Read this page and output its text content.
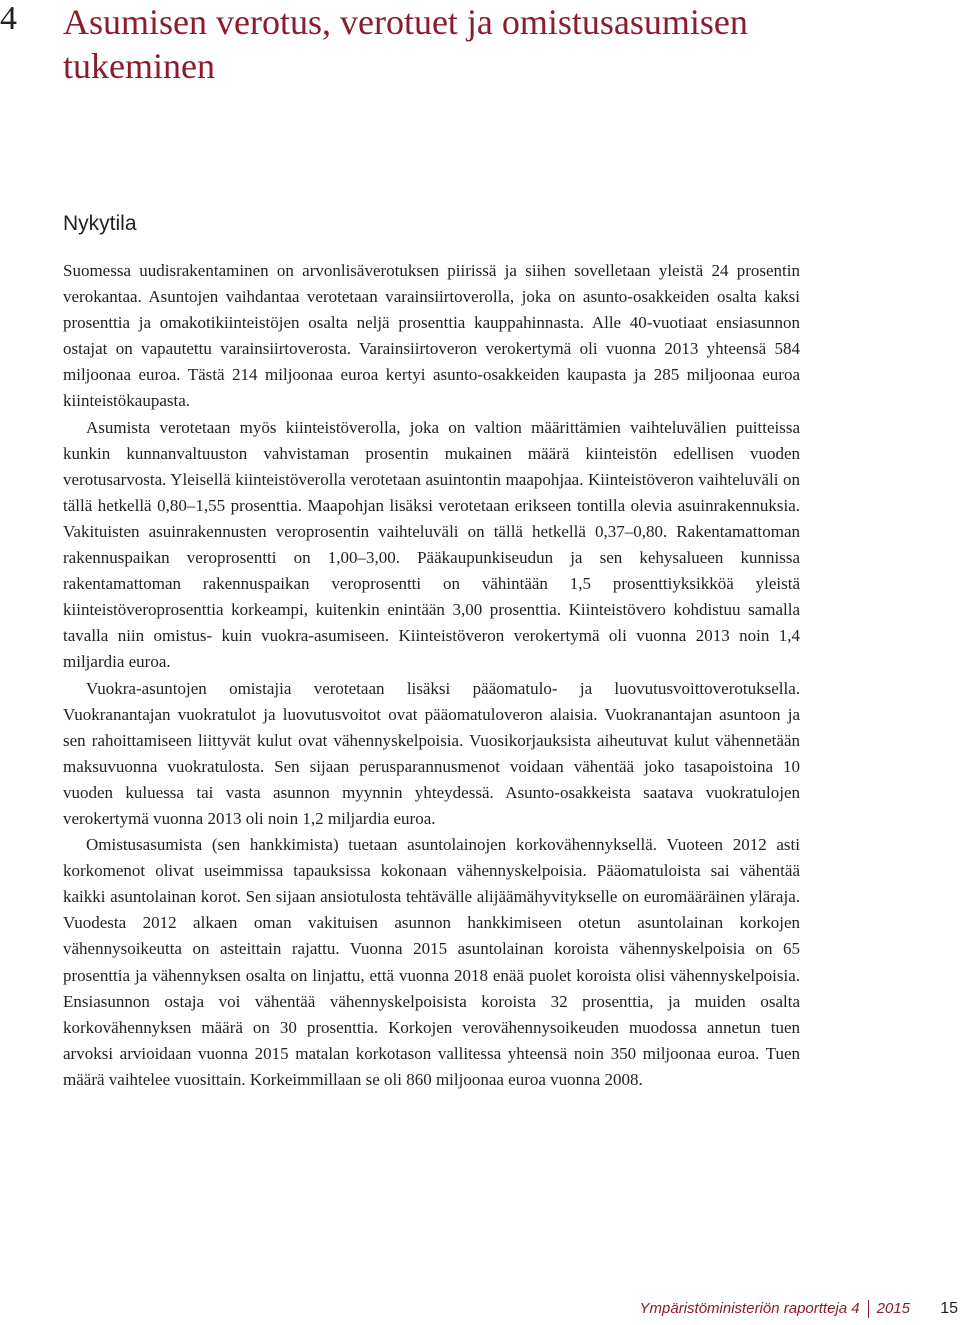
4 Asumisen verotus, verotuet ja omistusasumisen tukeminen
Nykytila

Suomessa uudisrakentaminen on arvonlisäverotuksen piirissä ja siihen sovelletaan yleistä 24 prosentin verokantaa. Asuntojen vaihdantaa verotetaan varainsiirtoverolla, joka on asunto-osakkeiden osalta kaksi prosenttia ja omakotikiinteistöjen osalta neljä prosenttia kauppahinnasta. Alle 40-vuotiaat ensiasunnon ostajat on vapautettu varainsiirtoverosta. Varainsiirtoveron verokertymä oli vuonna 2013 yhteensä 584 miljoonaa euroa. Tästä 214 miljoonaa euroa kertyi asunto-osakkeiden kaupasta ja 285 miljoonaa euroa kiinteistökaupasta.

Asumista verotetaan myös kiinteistöverolla, joka on valtion määrittämien vaihteluvälien puitteissa kunkin kunnanvaltuuston vahvistaman prosentin mukainen määrä kiinteistön edellisen vuoden verotusarvosta. Yleisellä kiinteistöverolla verotetaan asuintontin maapohjaa. Kiinteistöveron vaihteluväli on tällä hetkellä 0,80–1,55 prosenttia. Maapohjan lisäksi verotetaan erikseen tontilla olevia asuinrakennuksia. Vakituisten asuinrakennusten veroprosentin vaihteluväli on tällä hetkellä 0,37–0,80. Rakentamattoman rakennuspaikan veroprosentti on 1,00–3,00. Pääkaupunkiseudun ja sen kehysalueen kunnissa rakentamattoman rakennuspaikan veroprosentti on vähintään 1,5 prosenttiyksikköä yleistä kiinteistöveroprosenttia korkeampi, kuitenkin enintään 3,00 prosenttia. Kiinteistövero kohdistuu samalla tavalla niin omistus- kuin vuokra-asumiseen. Kiinteistöveron verokertymä oli vuonna 2013 noin 1,4 miljardia euroa.

Vuokra-asuntojen omistajia verotetaan lisäksi pääomatulo- ja luovutusvoittoverotuksella. Vuokranantajan vuokratulot ja luovutusvoitot ovat pääomatuloveron alaisia. Vuokranantajan asuntoon ja sen rahoittamiseen liittyvät kulut ovat vähennyskelpoisia. Vuosikorjauksista aiheutuvat kulut vähennetään maksuvuonna vuokratulosta. Sen sijaan perusparannusmenot voidaan vähentää joko tasapoistoina 10 vuoden kuluessa tai vasta asunnon myynnin yhteydessä. Asunto-osakkeista saatava vuokratulojen verokertymä vuonna 2013 oli noin 1,2 miljardia euroa.

Omistusasumista (sen hankkimista) tuetaan asuntolainojen korkovähennyksellä. Vuoteen 2012 asti korkomenot olivat useimmissa tapauksissa kokonaan vähennyskelpoisia. Pääomatuloista sai vähentää kaikki asuntolainan korot. Sen sijaan ansiotulosta tehtävälle alijäämähyvitykselle on euromääräinen yläraja. Vuodesta 2012 alkaen oman vakituisen asunnon hankkimiseen otetun asuntolainan korkojen vähennysoikeutta on asteittain rajattu. Vuonna 2015 asuntolainan koroista vähennyskelpoisia on 65 prosenttia ja vähennyksen osalta on linjattu, että vuonna 2018 enää puolet koroista olisi vähennyskelpoisia. Ensiasunnon ostaja voi vähentää vähennyskelpoisista koroista 32 prosenttia, ja muiden osalta korkovähennyksen määrä on 30 prosenttia. Korkojen verovähennysoikeuden muodossa annetun tuen arvoksi arvioidaan vuonna 2015 matalan korkotason vallitessa yhteensä noin 350 miljoonaa euroa. Tuen määrä vaihtelee vuosittain. Korkeimmillaan se oli 860 miljoonaa euroa vuonna 2008.

Ympäristöministeriön raportteja 4 2015 15
